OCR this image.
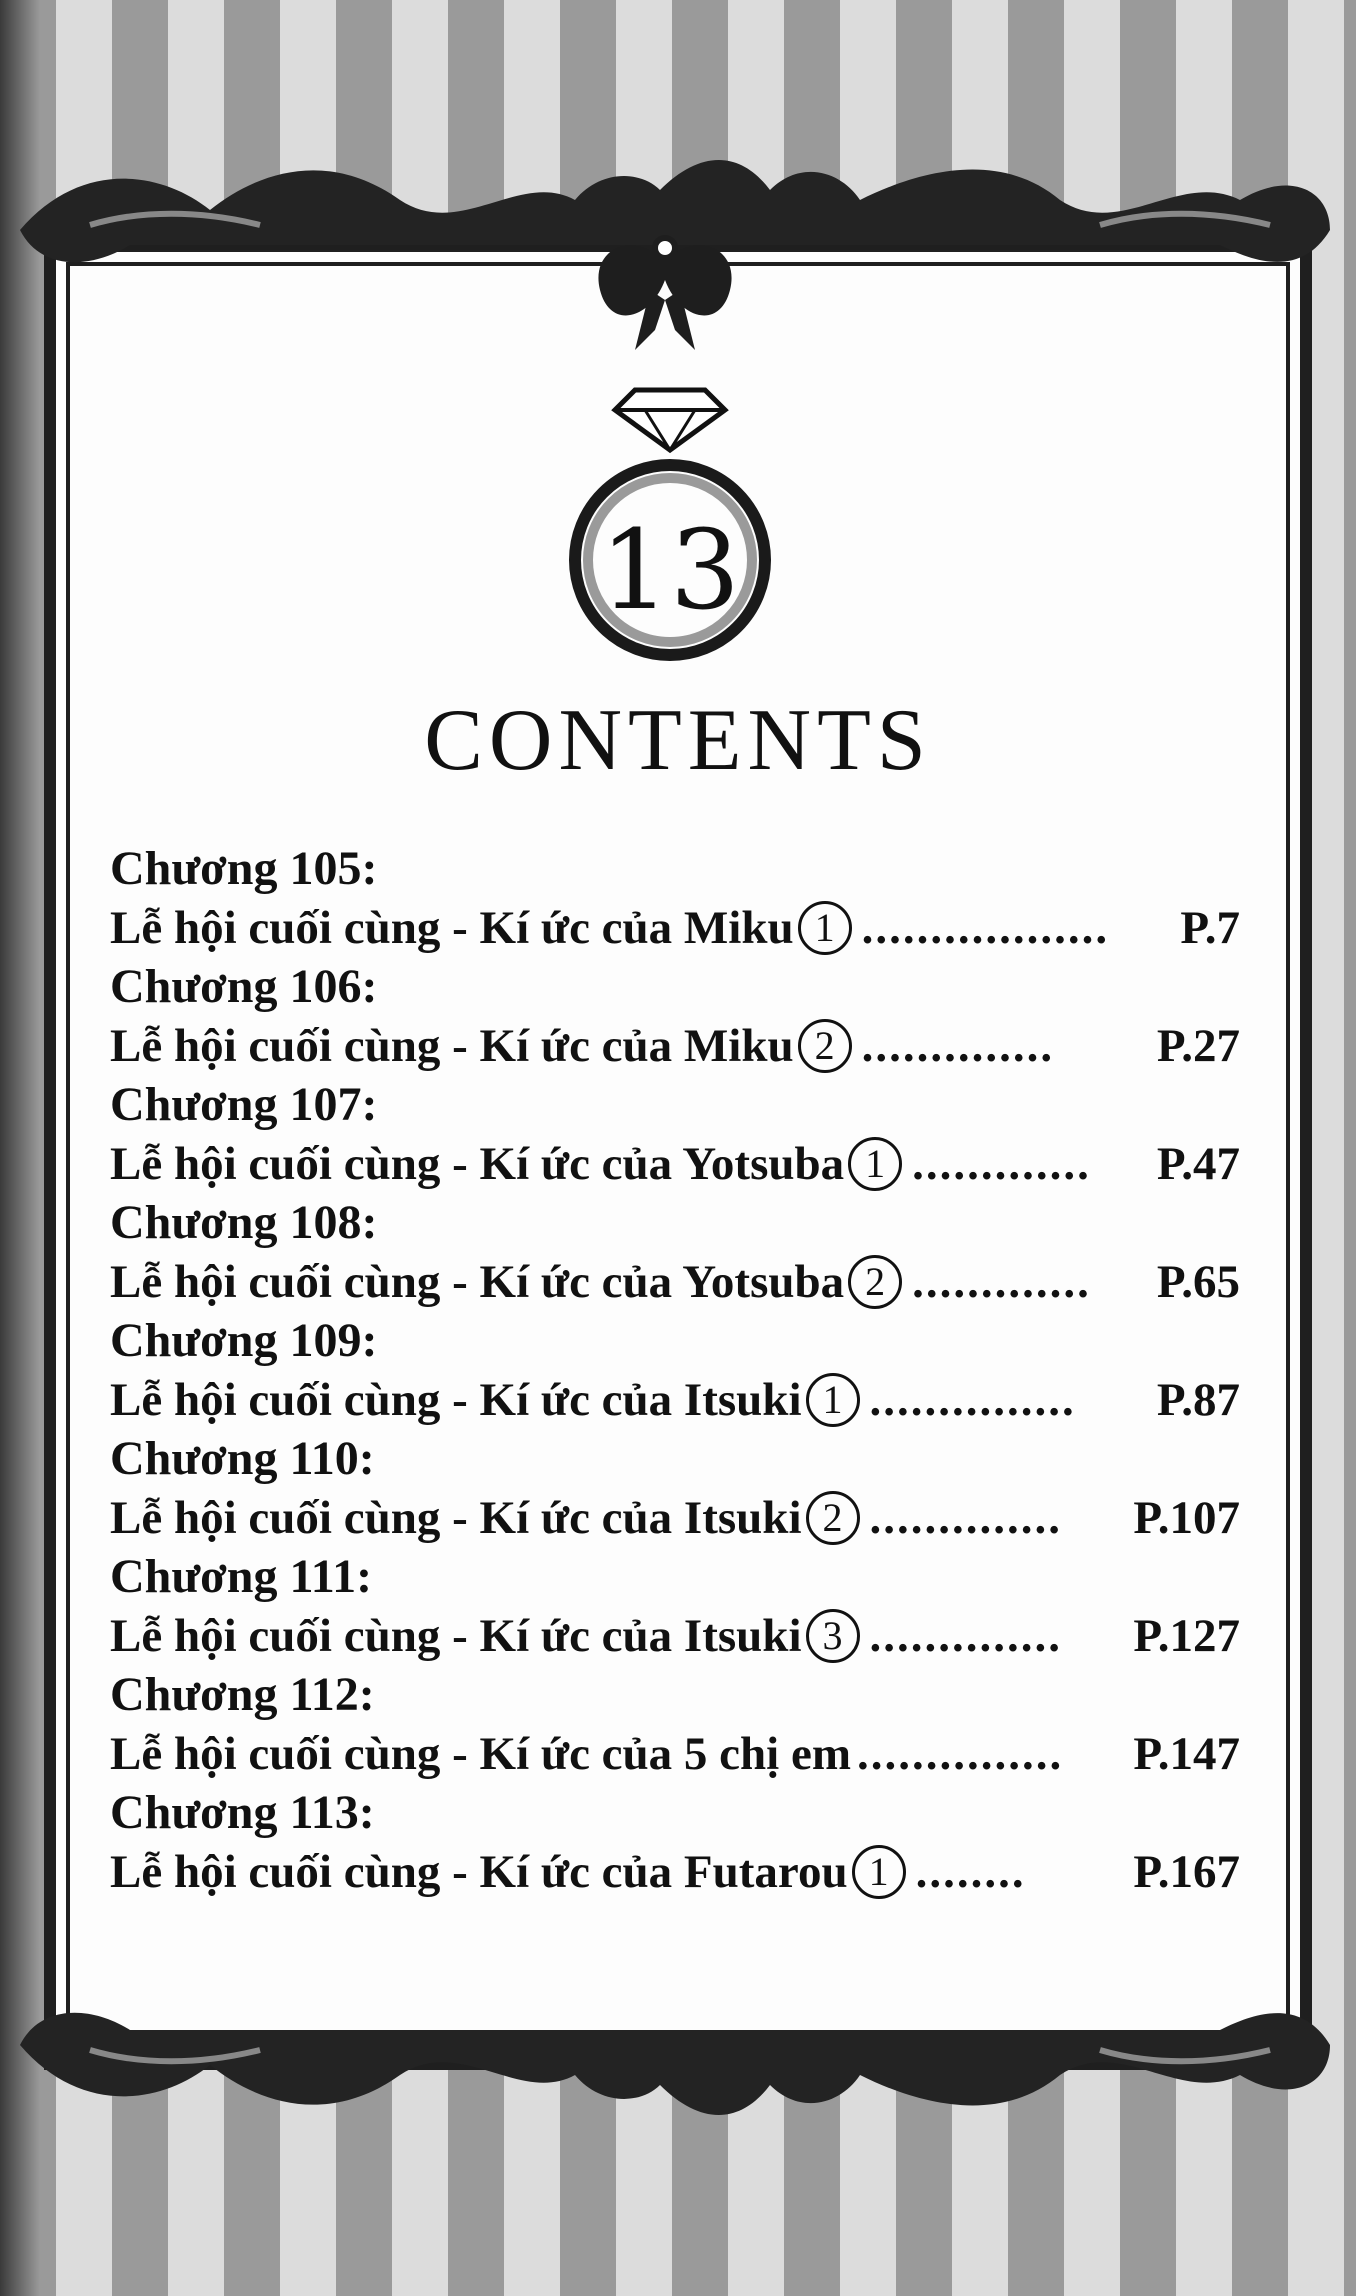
13
CONTENTS
Chương 105:
Lễ hội cuối cùng - Kí ức của Miku 1 ..................	P.7
Chương 106:
Lễ hội cuối cùng - Kí ức của Miku 2 ..............	P.27
Chương 107:
Lễ hội cuối cùng - Kí ức của Yotsuba 1 .............	P.47
Chương 108:
Lễ hội cuối cùng - Kí ức của Yotsuba 2 .............	P.65
Chương 109:
Lễ hội cuối cùng - Kí ức của Itsuki 1 ...............	P.87
Chương 110:
Lễ hội cuối cùng - Kí ức của Itsuki 2 ..............	P.107
Chương 111:
Lễ hội cuối cùng - Kí ức của Itsuki 3 ..............	P.127
Chương 112:
Lễ hội cuối cùng - Kí ức của 5 chị em ...............	P.147
Chương 113:
Lễ hội cuối cùng - Kí ức của Futarou 1 ........	P.167
